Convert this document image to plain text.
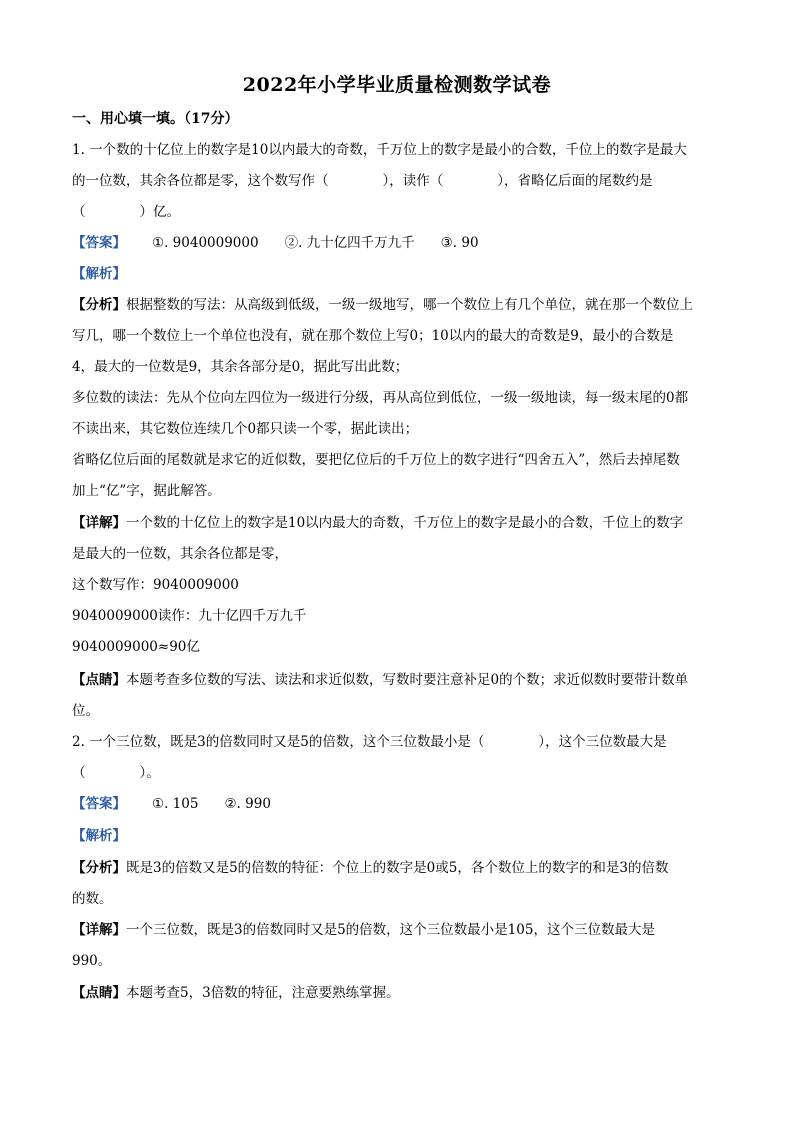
2022年小学毕业质量检测数学试卷
一、用心填一填。（17分）
1. 一个数的十亿位上的数字是10以内最大的奇数，千万位上的数字是最小的合数，千位上的数字是最大
的一位数，其余各位都是零，这个数写作（　　　　），读作（　　　　），省略亿后面的尾数约是
（　　　　）亿。
【答案】 ①. 9040009000 ②. 九十亿四千万九千 ③. 90
【解析】
【分析】根据整数的写法：从高级到低级，一级一级地写，哪一个数位上有几个单位，就在那一个数位上
写几，哪一个数位上一个单位也没有，就在那个数位上写0；10以内的最大的奇数是9，最小的合数是
4，最大的一位数是9，其余各部分是0，据此写出此数；
多位数的读法：先从个位向左四位为一级进行分级，再从高位到低位，一级一级地读，每一级末尾的0都
不读出来，其它数位连续几个0都只读一个零，据此读出；
省略亿位后面的尾数就是求它的近似数，要把亿位后的千万位上的数字进行“四舍五入”，然后去掉尾数
加上“亿”字，据此解答。
【详解】一个数的十亿位上的数字是10以内最大的奇数，千万位上的数字是最小的合数，千位上的数字
是最大的一位数，其余各位都是零，
这个数写作：9040009000
9040009000读作：九十亿四千万九千
9040009000≈90亿
【点睛】本题考查多位数的写法、读法和求近似数，写数时要注意补足0的个数；求近似数时要带计数单
位。
2. 一个三位数，既是3的倍数同时又是5的倍数，这个三位数最小是（　　　　），这个三位数最大是
（　　　　）。
【答案】 ①. 105 ②. 990
【解析】
【分析】既是3的倍数又是5的倍数的特征：个位上的数字是0或5，各个数位上的数字的和是3的倍数
的数。
【详解】一个三位数，既是3的倍数同时又是5的倍数，这个三位数最小是105，这个三位数最大是
990。
【点睛】本题考查5，3倍数的特征，注意要熟练掌握。
